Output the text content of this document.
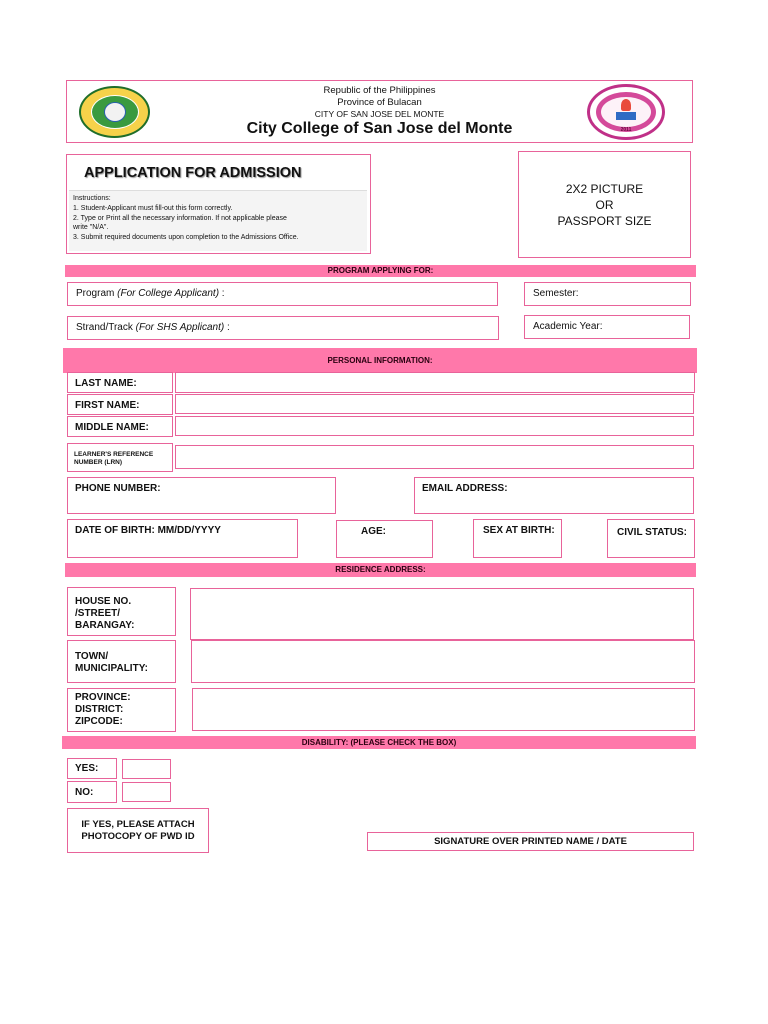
Republic of the Philippines
Province of Bulacan
CITY OF SAN JOSE DEL MONTE
City College of San Jose del Monte	2011
APPLICATION FOR ADMISSION
Instructions:
1. Student-Applicant must fill-out this form correctly.
2. Type or Print all the necessary information. If not applicable please
write "N/A".
3. Submit required documents upon completion to the Admissions Office.
2X2 PICTURE
OR
PASSPORT SIZE
PROGRAM APPLYING FOR:
Program (For College Applicant) :	Semester:
Strand/Track (For SHS Applicant) :	Academic Year:
PERSONAL INFORMATION:
LAST NAME:
FIRST NAME:
MIDDLE NAME:
LEARNER'S REFERENCE
NUMBER (LRN)
PHONE NUMBER:	EMAIL ADDRESS:
DATE OF BIRTH: MM/DD/YYYY	AGE:	SEX AT BIRTH:	CIVIL STATUS:
RESIDENCE ADDRESS:
HOUSE NO.
/STREET/
BARANGAY:
TOWN/
MUNICIPALITY:
PROVINCE:
DISTRICT:
ZIPCODE:
DISABILITY: (PLEASE CHECK THE BOX)
YES:
NO:
IF YES, PLEASE ATTACH
PHOTOCOPY OF PWD ID	SIGNATURE OVER PRINTED NAME / DATE
